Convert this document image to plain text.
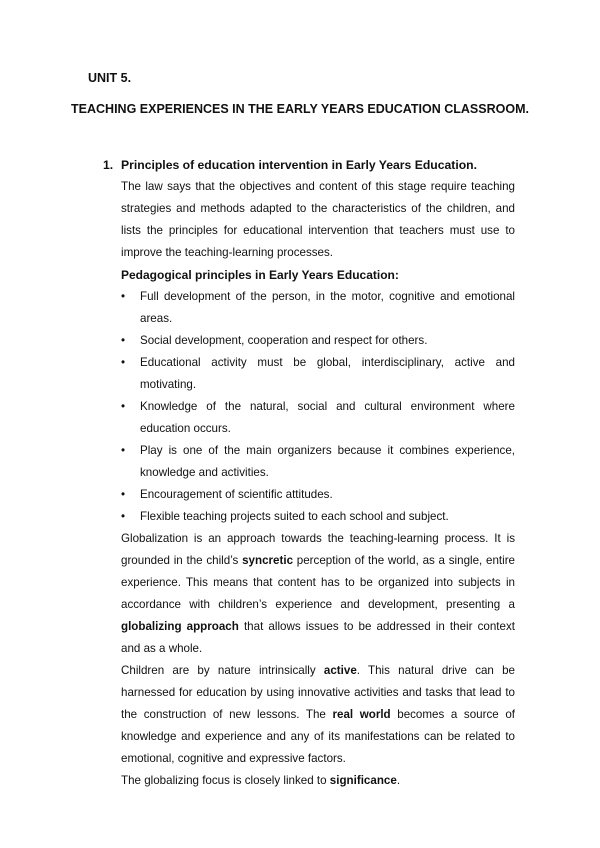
UNIT 5.
TEACHING EXPERIENCES IN THE EARLY YEARS EDUCATION CLASSROOM.
1. Principles of education intervention in Early Years Education.

The law says that the objectives and content of this stage require teaching strategies and methods adapted to the characteristics of the children, and lists the principles for educational intervention that teachers must use to improve the teaching-learning processes.

Pedagogical principles in Early Years Education:

• Full development of the person, in the motor, cognitive and emotional areas.
• Social development, cooperation and respect for others.
• Educational activity must be global, interdisciplinary, active and motivating.
• Knowledge of the natural, social and cultural environment where education occurs.
• Play is one of the main organizers because it combines experience, knowledge and activities.
• Encouragement of scientific attitudes.
• Flexible teaching projects suited to each school and subject.

Globalization is an approach towards the teaching-learning process. It is grounded in the child’s syncretic perception of the world, as a single, entire experience. This means that content has to be organized into subjects in accordance with children’s experience and development, presenting a globalizing approach that allows issues to be addressed in their context and as a whole.

Children are by nature intrinsically active. This natural drive can be harnessed for education by using innovative activities and tasks that lead to the construction of new lessons. The real world becomes a source of knowledge and experience and any of its manifestations can be related to emotional, cognitive and expressive factors.

The globalizing focus is closely linked to significance.
